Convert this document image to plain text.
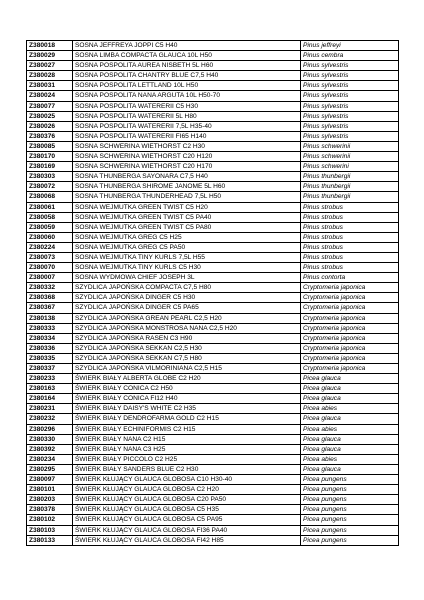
Z380018	SOSNA JEFFREYA JOPPI C5 H40	Pinus jeffreyi
Z380029	SOSNA LIMBA COMPACTA GLAUCA 10L H50	Pinus cembra
Z380027	SOSNA POSPOLITA AUREA NISBETH 5L H60	Pinus sylvestris
Z380028	SOSNA POSPOLITA CHANTRY BLUE C7,5 H40	Pinus sylvestris
Z380031	SOSNA POSPOLITA LETTLAND 10L H50	Pinus sylvestris
Z380024	SOSNA POSPOLITA NANA ARGUTA 10L H50-70	Pinus sylvestris
Z380077	SOSNA POSPOLITA WATERERII C5 H30	Pinus sylvestris
Z380025	SOSNA POSPOLITA WATERERII 5L H80	Pinus sylvestris
Z380026	SOSNA POSPOLITA WATERERII 7,5L H35-40	Pinus sylvestris
Z380376	SOSNA POSPOLITA WATERERII FI65 H140	Pinus sylvestris
Z380085	SOSNA SCHWERINA WIETHORST C2 H30	Pinus schwerinii
Z380170	SOSNA SCHWERINA WIETHORST C20 H120	Pinus schwerinii
Z380169	SOSNA SCHWERINA WIETHORST C20 H170	Pinus schwerini
Z380303	SOSNA THUNBERGA SAYONARA C7,5 H40	Pinus thunbergii
Z380072	SOSNA THUNBERGA SHIROME JANOME 5L H60	Pinus thunbergii
Z380068	SOSNA THUNBERGA THUNDERHEAD 7,5L H50	Pinus thunbergii
Z380061	SOSNA WEJMUTKA GREEN TWIST C5 H20	Pinus strobus
Z380058	SOSNA WEJMUTKA GREEN TWIST C5 PA40	Pinus strobus
Z380059	SOSNA WEJMUTKA GREEN TWIST C5 PA80	Pinus strobus
Z380060	SOSNA WEJMUTKA GREG C5 H25	Pinus strobus
Z380224	SOSNA WEJMUTKA GREG C5 PA50	Pinus strobus
Z380073	SOSNA WEJMUTKA TINY KURLS 7,5L H55	Pinus strobus
Z380070	SOSNA WEJMUTKA TINY KURLS C5 H30	Pinus strobus
Z380007	SOSNA WYDMOWA CHIEF JOSEPH 3L	Pinus contorta
Z380332	SZYDLICA JAPOŃSKA COMPACTA C7,5 H80	Cryptomeria japonica
Z380368	SZYDLICA JAPOŃSKA DINGER C5 H30	Cryptomeria japonica
Z380367	SZYDLICA JAPOŃSKA DINGER C5 PA65	Cryptomeria japonica
Z380138	SZYDLICA JAPOŃSKA GREAN PEARL C2,5 H20	Cryptomeria japonica
Z380333	SZYDLICA JAPOŃSKA MONSTROSA NANA C2,5 H20	Cryptomeria japonica
Z380334	SZYDLICA JAPOŃSKA RASEN C3 H90	Cryptomeria japonica
Z380336	SZYDLICA JAPOŃSKA SEKKAN C2,5 H30	Cryptomeria japonica
Z380335	SZYDLICA JAPOŃSKA SEKKAN C7,5 H80	Cryptomeria japonica
Z380337	SZYDLICA JAPOŃSKA VILMORINIANA C2,5 H15	Cryptomeria japonica
Z380233	ŚWIERK BIAŁY ALBERTA GLOBE C2 H20	Picea glauca
Z380163	ŚWIERK BIAŁY CONICA C2 H50	Picea glauca
Z380164	ŚWIERK BIAŁY CONICA FI12 H40	Picea glauca
Z380231	ŚWIERK BIAŁY DAISY'S WHITE C2 H35	Picea abies
Z380232	ŚWIERK BIAŁY DENDROFARMA GOLD C2 H15	Picea glauca
Z380296	ŚWIERK BIAŁY ECHINIFORMIS C2 H15	Picea abies
Z380330	ŚWIERK BIAŁY NANA C2 H15	Picea glauca
Z380392	ŚWIERK BIAŁY NANA C3 H25	Picea glauca
Z380234	ŚWIERK BIAŁY PICCOLO C2 H25	Picea abies
Z380295	ŚWIERK BIAŁY SANDERS BLUE C2 H30	Picea glauca
Z380097	ŚWIERK KŁUJĄCY GLAUCA GLOBOSA C10 H30-40	Picea pungens
Z380101	ŚWIERK KŁUJĄCY GLAUCA GLOBOSA C2 H20	Picea pungens
Z380203	ŚWIERK KŁUJĄCY GLAUCA GLOBOSA C20 PA50	Picea pungens
Z380378	ŚWIERK KŁUJĄCY GLAUCA GLOBOSA C5 H35	Picea pungens
Z380102	ŚWIERK KŁUJĄCY GLAUCA GLOBOSA C5 PA95	Picea pungens
Z380103	ŚWIERK KŁUJĄCY GLAUCA GLOBOSA FI36 PA40	Picea pungens
Z380133	ŚWIERK KŁUJĄCY GLAUCA GLOBOSA FI42 H85	Picea pungens
